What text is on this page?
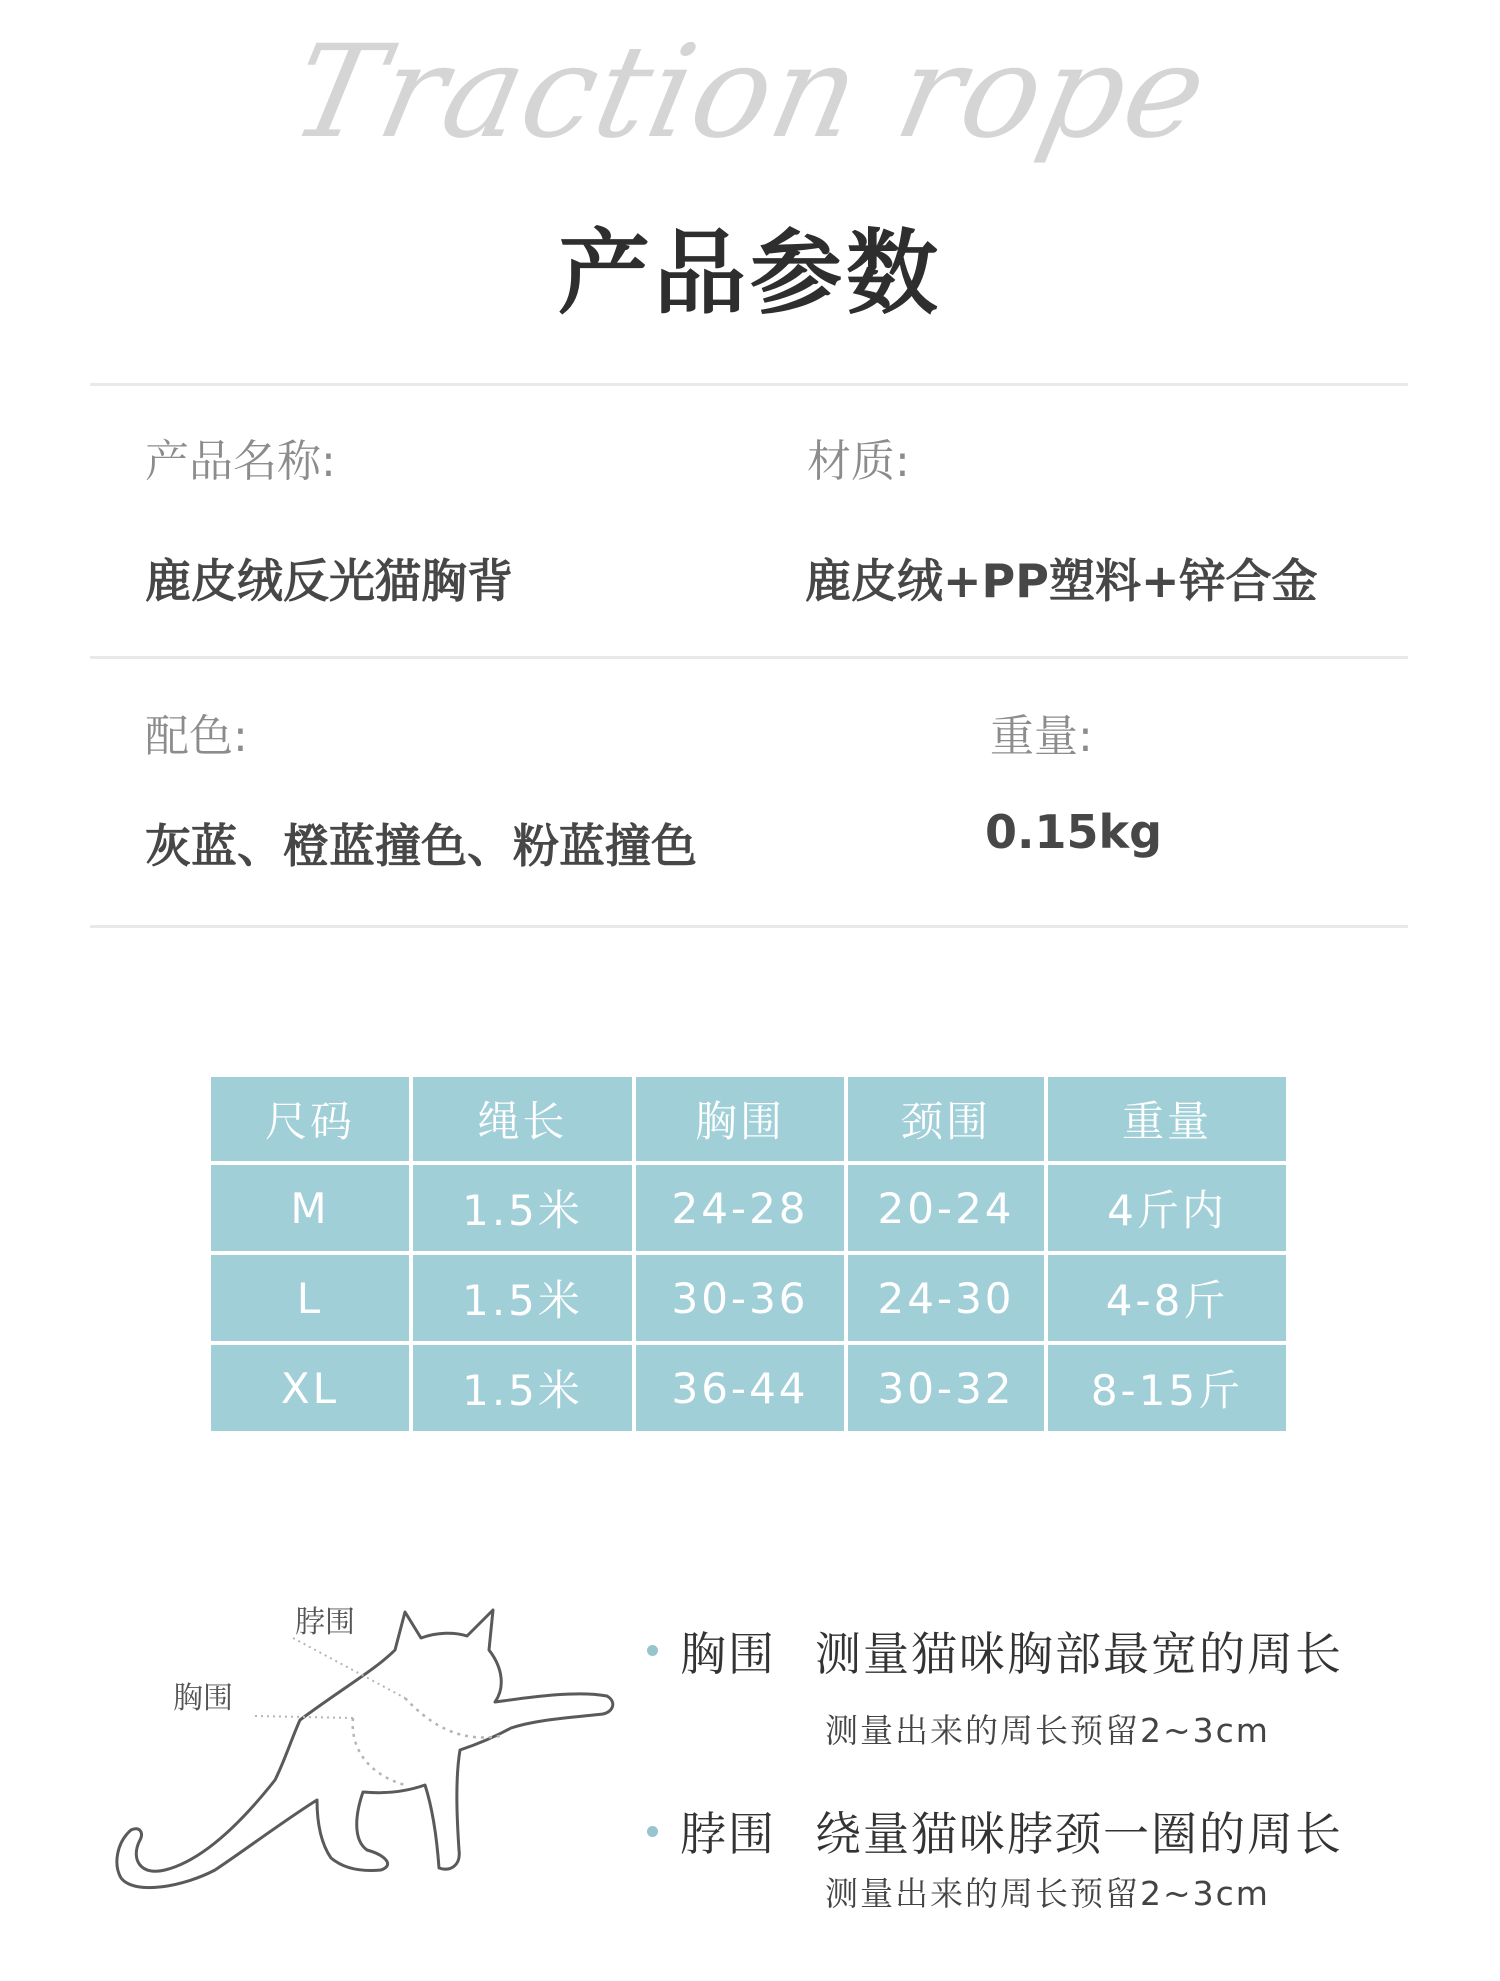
Traction rope
产品参数
产品名称:	材质:
鹿皮绒反光猫胸背	鹿皮绒+PP塑料+锌合金
配色:	重量:
灰蓝、橙蓝撞色、粉蓝撞色	0.15kg
尺码	绳长	胸围	颈围	重量
M	1.5米	24-28	20-24	4斤内
L	1.5米	30-36	24-30	4-8斤
XL	1.5米	36-44	30-32	8-15斤
脖围
胸围
胸围 测量猫咪胸部最宽的周长
测量出来的周长预留2~3cm
脖围 绕量猫咪脖颈一圈的周长
测量出来的周长预留2~3cm
